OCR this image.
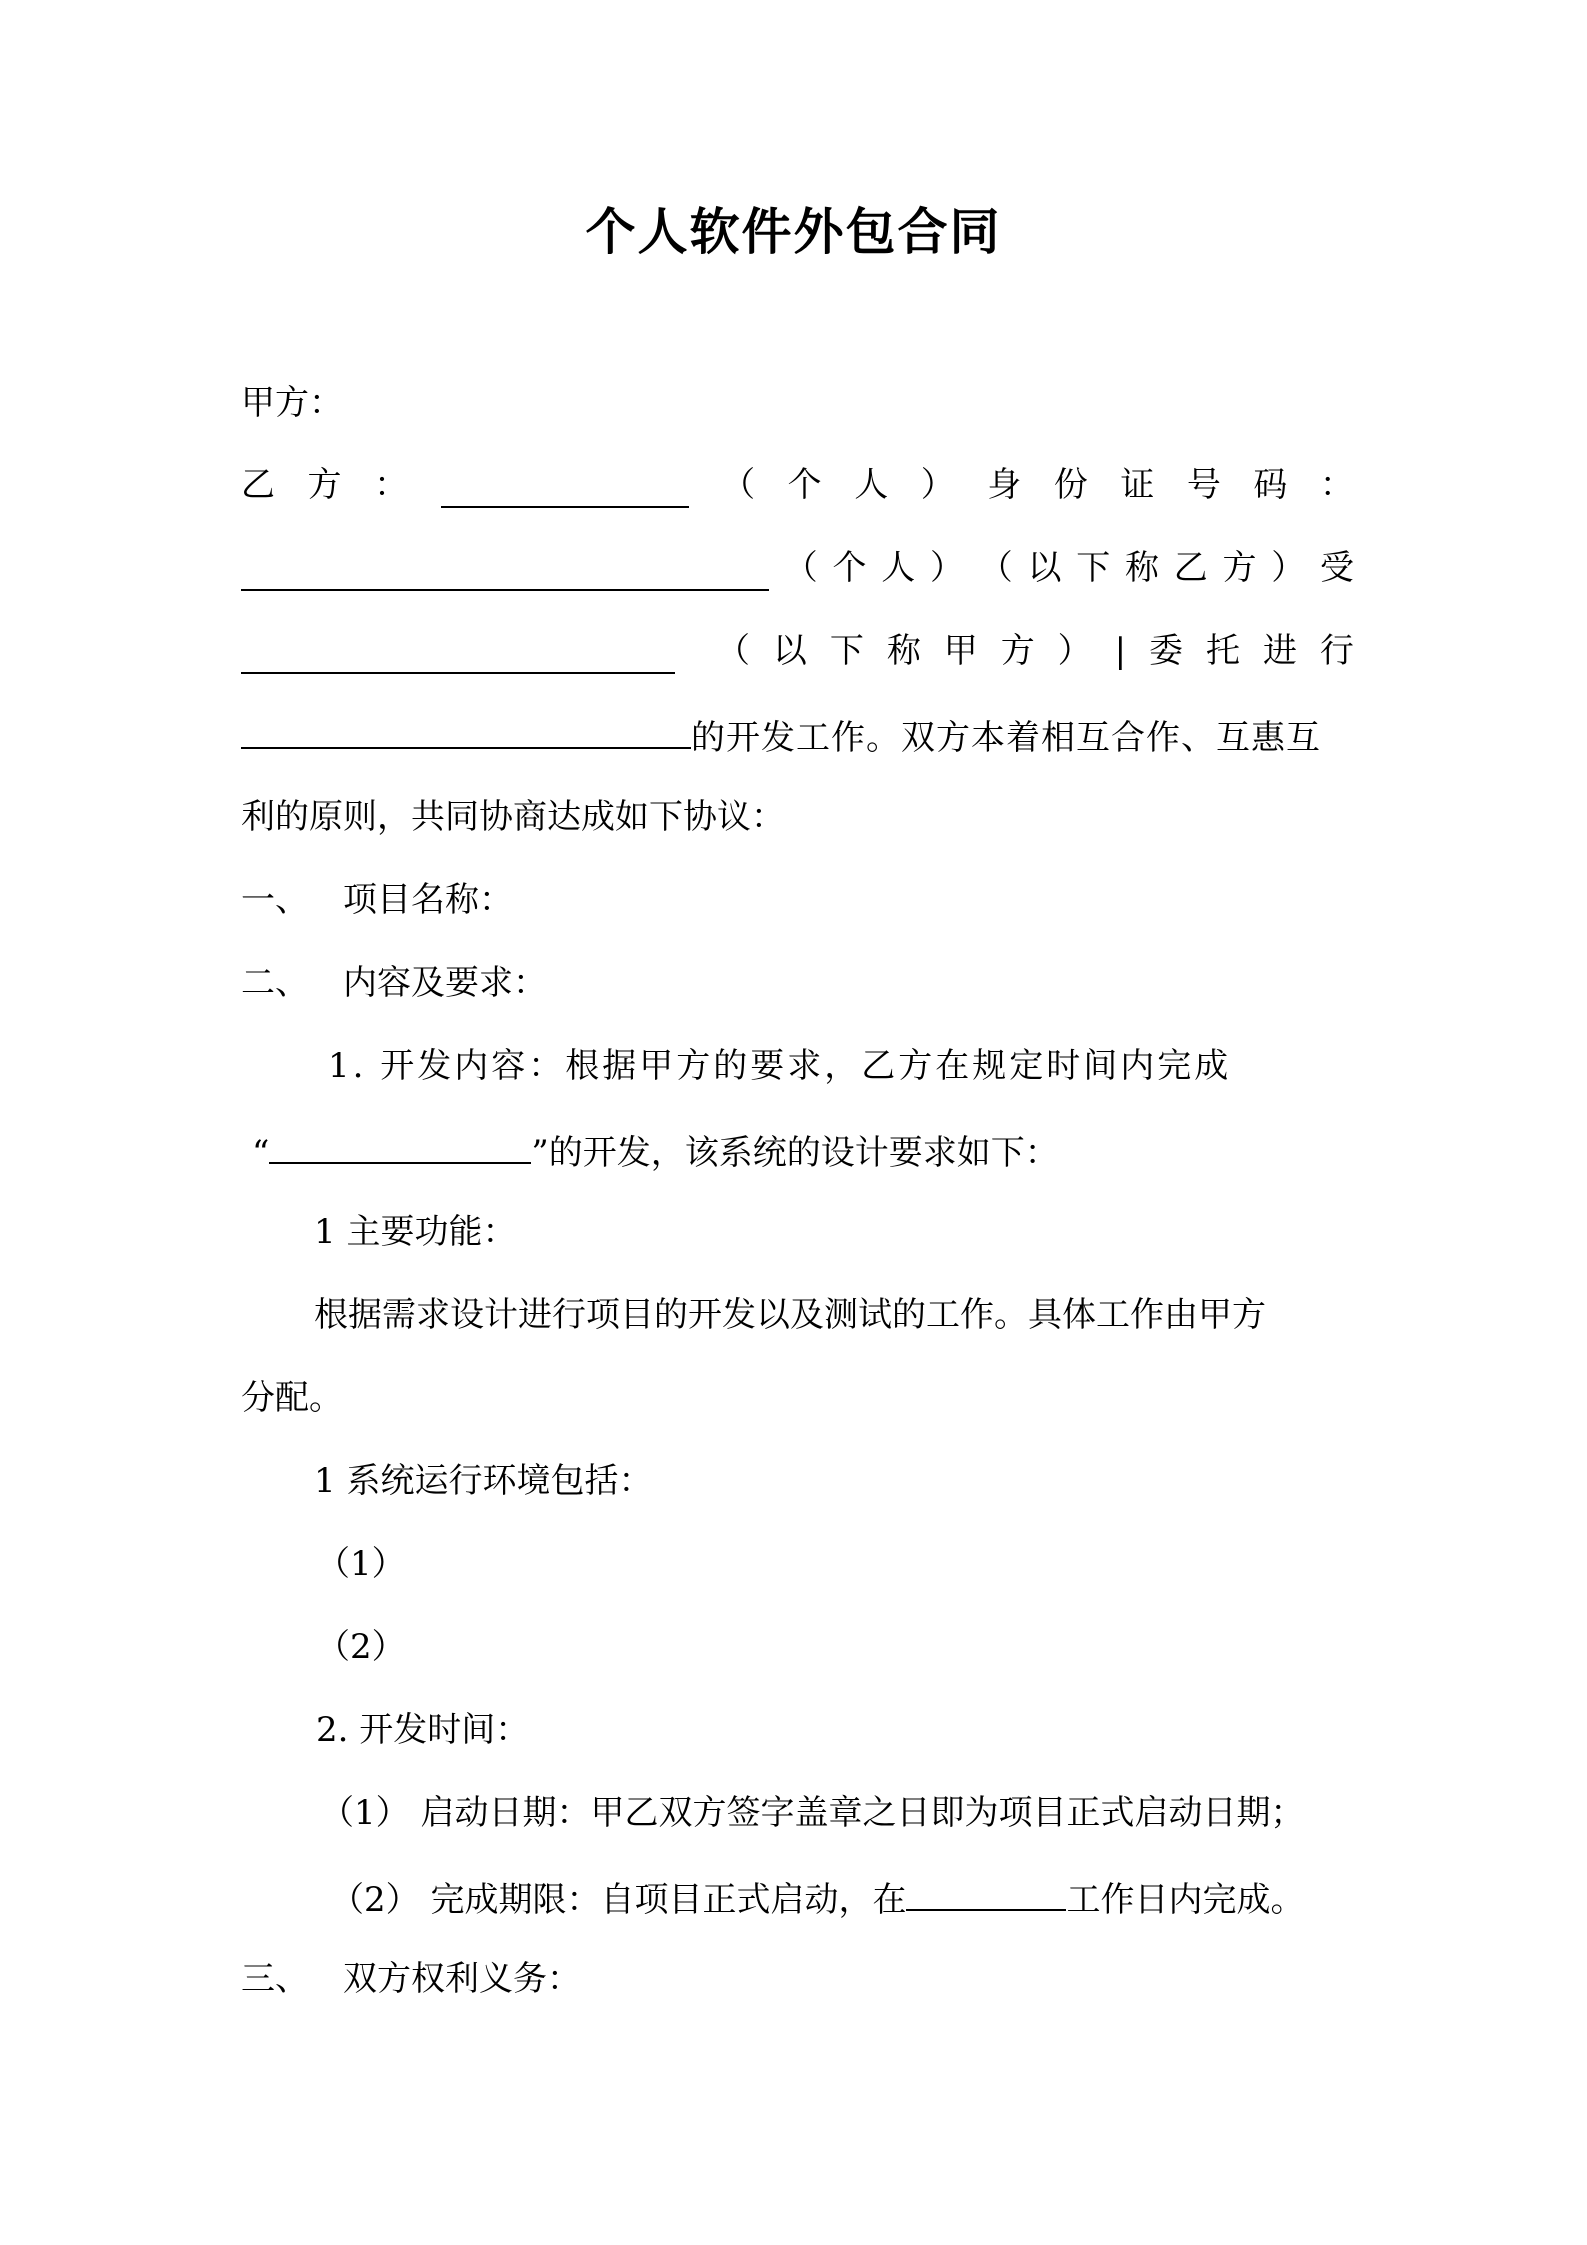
个人软件外包合同
甲方：
乙 方 ：	（ 个 人 ） 身 份 证 号 码 ：
（ 个 人 ） （ 以 下 称 乙 方 ） 受
（ 以 下 称 甲 方 ） | 委 托 进 行
的开发工作。双方本着相互合作、互惠互
利的原则，共同协商达成如下协议：
一、 项目名称：
二、 内容及要求：
1. 开发内容：根据甲方的要求，乙方在规定时间内完成
“	”的开发，该系统的设计要求如下：
1 主要功能：
根据需求设计进行项目的开发以及测试的工作。具体工作由甲方
分配。
1 系统运行环境包括：
（1）
（2）
2. 开发时间：
（1） 启动日期：甲乙双方签字盖章之日即为项目正式启动日期；
（2） 完成期限：自项目正式启动，在	工作日内完成。
三、 双方权利义务：
